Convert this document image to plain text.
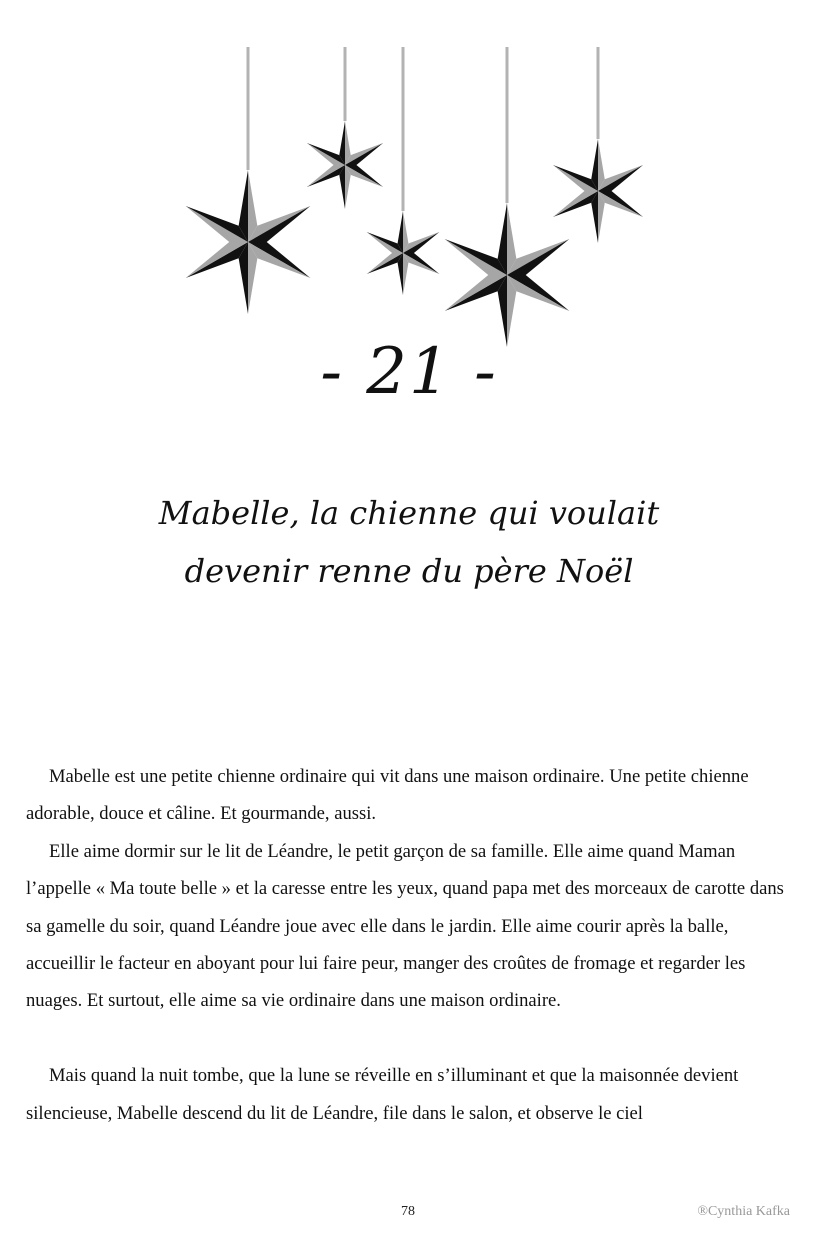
- 21 -
Mabelle, la chienne qui voulait
devenir renne du père Noël

Mabelle est une petite chienne ordinaire qui vit dans une maison ordinaire. Une petite chienne adorable, douce et câline. Et gourmande, aussi.

Elle aime dormir sur le lit de Léandre, le petit garçon de sa famille. Elle aime quand Maman l’appelle « Ma toute belle » et la caresse entre les yeux, quand papa met des morceaux de carotte dans sa gamelle du soir, quand Léandre joue avec elle dans le jardin. Elle aime courir après la balle, accueillir le facteur en aboyant pour lui faire peur, manger des croûtes de fromage et regarder les nuages. Et surtout, elle aime sa vie ordinaire dans une maison ordinaire.

Mais quand la nuit tombe, que la lune se réveille en s’illuminant et que la maisonnée devient silencieuse, Mabelle descend du lit de Léandre, file dans le salon, et observe le ciel

78	®Cynthia Kafka
